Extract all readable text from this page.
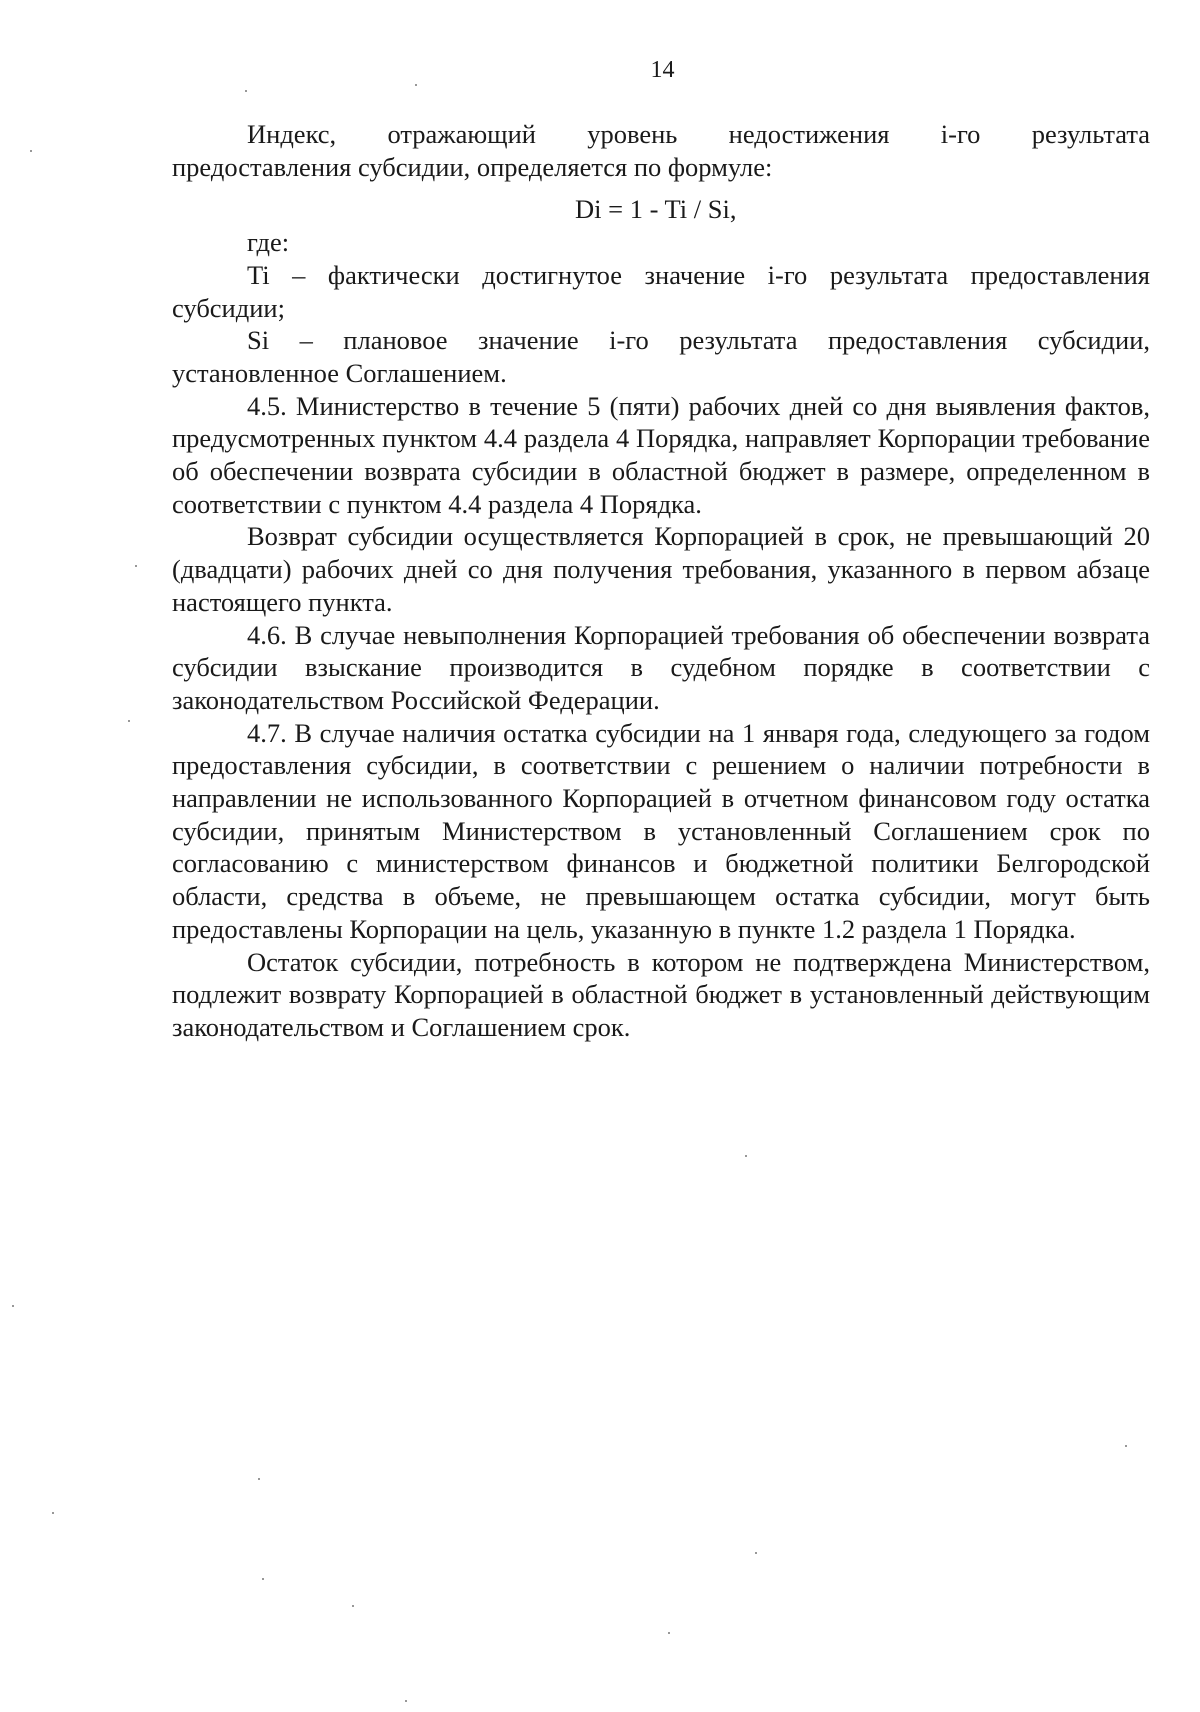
14

Индекс, отражающий уровень недостижения i-го результата

предоставления субсидии, определяется по формуле:

Di = 1 - Ti / Si,

где:

Ti – фактически достигнутое значение i-го результата предоставления субсидии;

Si – плановое значение i-го результата предоставления субсидии, установленное Соглашением.

4.5. Министерство в течение 5 (пяти) рабочих дней со дня выявления фактов, предусмотренных пунктом 4.4 раздела 4 Порядка, направляет Корпорации требование об обеспечении возврата субсидии в областной бюджет в размере, определенном в соответствии с пунктом 4.4 раздела 4 Порядка.

Возврат субсидии осуществляется Корпорацией в срок, не превышающий 20 (двадцати) рабочих дней со дня получения требования, указанного в первом абзаце настоящего пункта.

4.6. В случае невыполнения Корпорацией требования об обеспечении возврата субсидии взыскание производится в судебном порядке в соответствии с законодательством Российской Федерации.

4.7. В случае наличия остатка субсидии на 1 января года, следующего за годом предоставления субсидии, в соответствии с решением о наличии потребности в направлении не использованного Корпорацией в отчетном финансовом году остатка субсидии, принятым Министерством в установленный Соглашением срок по согласованию с министерством финансов и бюджетной политики Белгородской области, средства в объеме, не превышающем остатка субсидии, могут быть предоставлены Корпорации на цель, указанную в пункте 1.2 раздела 1 Порядка.

Остаток субсидии, потребность в котором не подтверждена Министерством, подлежит возврату Корпорацией в областной бюджет в установленный действующим законодательством и Соглашением срок.
